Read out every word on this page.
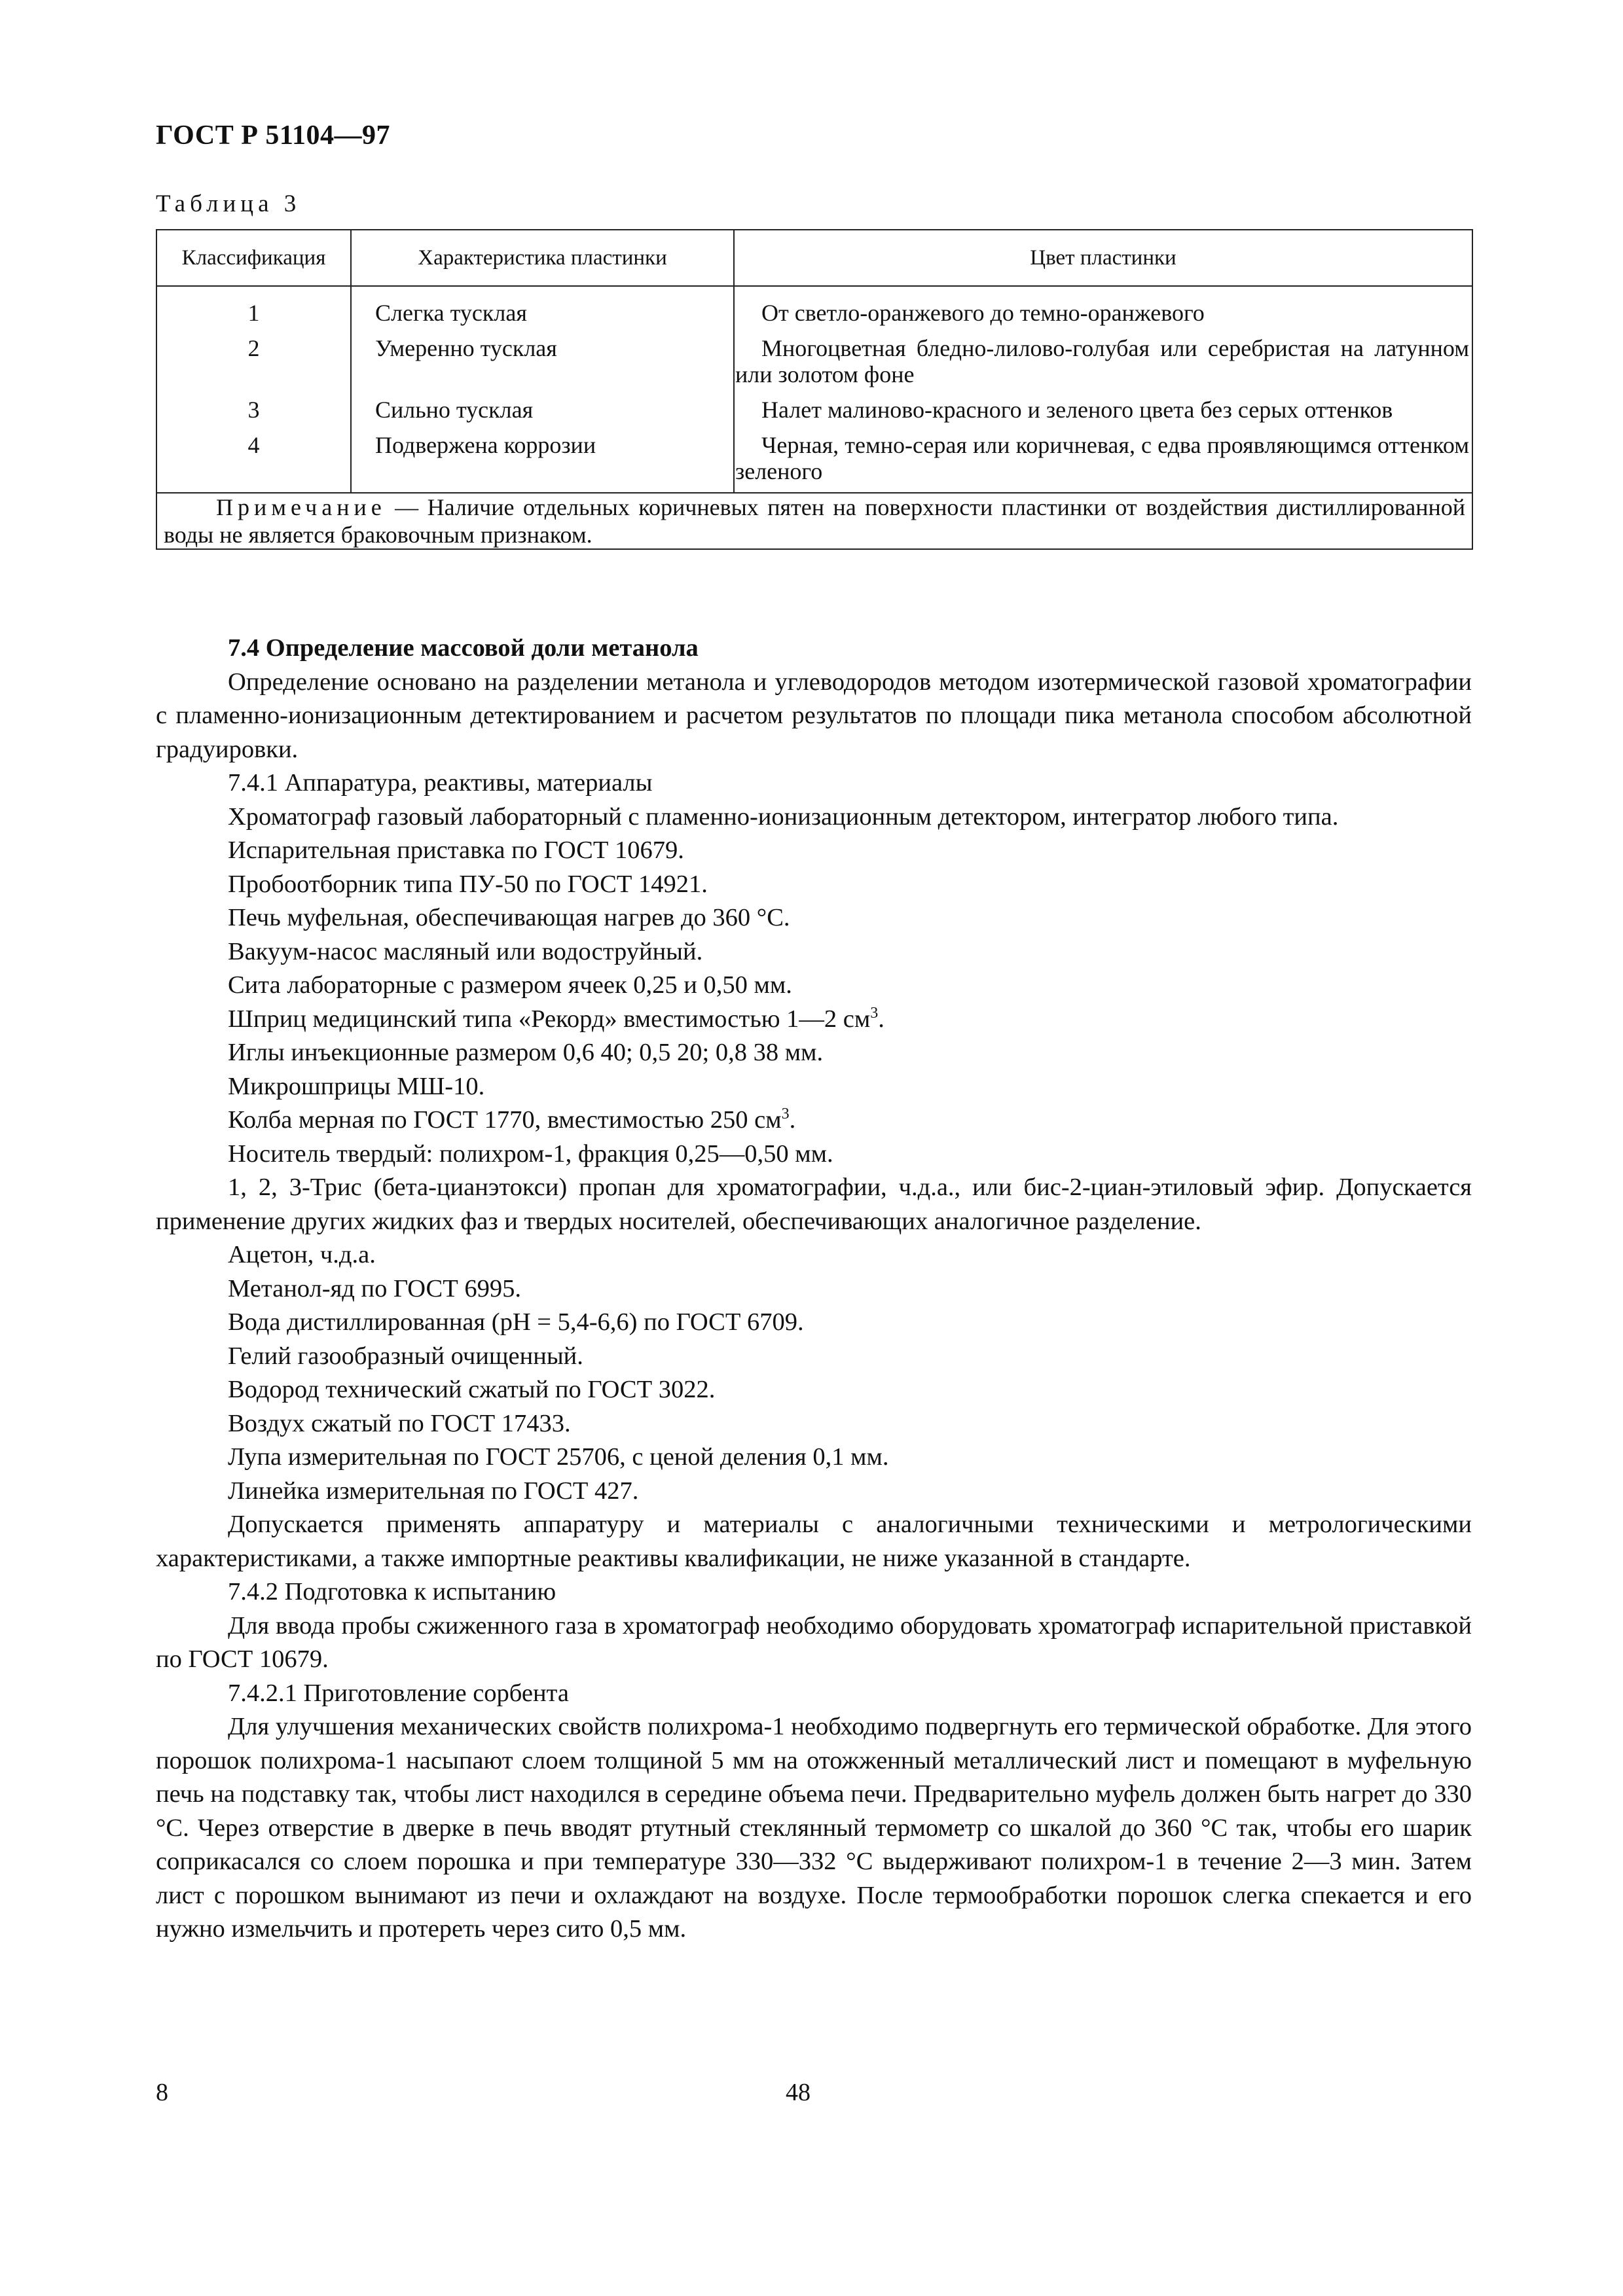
ГОСТ Р 51104—97
Таблица 3
Классификация	Характеристика пластинки	Цвет пластинки
1	Слегка тусклая	От светло-оранжевого до темно-оранжевого

2	Умеренно тусклая	Многоцветная бледно-лилово-голубая или серебристая на латунном или золотом фоне

3	Сильно тусклая	Налет малиново-красного и зеленого цвета без серых оттенков

4	Подвержена коррозии	Черная, темно-серая или коричневая, с едва проявляющимся оттенком зеленого

Примечание — Наличие отдельных коричневых пятен на поверхности пластинки от воздействия дистиллированной воды не является браковочным признаком.		

7.4 Определение массовой доли метанола

Определение основано на разделении метанола и углеводородов методом изотермической газовой хроматографии с пламенно-ионизационным детектированием и расчетом результатов по площади пика метанола способом абсолютной градуировки.

7.4.1 Аппаратура, реактивы, материалы

Хроматограф газовый лабораторный с пламенно-ионизационным детектором, интегратор любого типа.

Испарительная приставка по ГОСТ 10679.

Пробоотборник типа ПУ-50 по ГОСТ 14921.

Печь муфельная, обеспечивающая нагрев до 360 °С.

Вакуум-насос масляный или водоструйный.

Сита лабораторные с размером ячеек 0,25 и 0,50 мм.

Шприц медицинский типа «Рекорд» вместимостью 1—2 $см^3$.

Иглы инъекционные размером 0,6 40; 0,5 20; 0,8 38 мм.

Микрошприцы МШ-10.

Колба мерная по ГОСТ 1770, вместимостью 250 $см^3$.

Носитель твердый: полихром-1, фракция 0,25—0,50 мм.

1, 2, 3-Трис (бета-цианэтокси) пропан для хроматографии, ч.д.а., или бис-2-циан-этиловый эфир. Допускается применение других жидких фаз и твердых носителей, обеспечивающих аналогичное разделение.

Ацетон, ч.д.а.

Метанол-яд по ГОСТ 6995.

Вода дистиллированная (рН = 5,4-6,6) по ГОСТ 6709.

Гелий газообразный очищенный.

Водород технический сжатый по ГОСТ 3022.

Воздух сжатый по ГОСТ 17433.

Лупа измерительная по ГОСТ 25706, с ценой деления 0,1 мм.

Линейка измерительная по ГОСТ 427.

Допускается применять аппаратуру и материалы с аналогичными техническими и метрологическими характеристиками, а также импортные реактивы квалификации, не ниже указанной в стандарте.

7.4.2 Подготовка к испытанию

Для ввода пробы сжиженного газа в хроматограф необходимо оборудовать хроматограф испарительной приставкой по ГОСТ 10679.

7.4.2.1 Приготовление сорбента

Для улучшения механических свойств полихрома-1 необходимо подвергнуть его термической обработке. Для этого порошок полихрома-1 насыпают слоем толщиной 5 мм на отожженный металлический лист и помещают в муфельную печь на подставку так, чтобы лист находился в середине объема печи. Предварительно муфель должен быть нагрет до 330 °С. Через отверстие в дверке в печь вводят ртутный стеклянный термометр со шкалой до 360 °С так, чтобы его шарик соприкасался со слоем порошка и при температуре 330—332 °С выдерживают полихром-1 в течение 2—3 мин. Затем лист с порошком вынимают из печи и охлаждают на воздухе. После термообработки порошок слегка спекается и его нужно измельчить и протереть через сито 0,5 мм.

8	48
